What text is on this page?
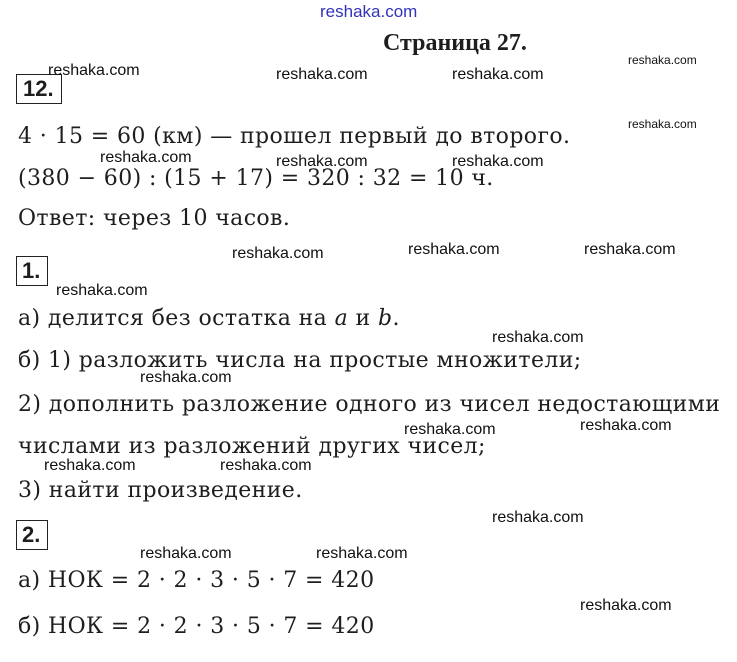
reshaka.com
Страница 27.
12.
4 · 15 = 60 (км) — прошел первый до второго.
(380 − 60) : (15 + 17) = 320 : 32 = 10 ч.
Ответ: через 10 часов.
1.
а) делится без остатка на a и b.
б) 1) разложить числа на простые множители;
2) дополнить разложение одного из чисел недостающими
числами из разложений других чисел;
3) найти произведение.
2.
а) НОК = 2 · 2 · 3 · 5 · 7 = 420
б) НОК = 2 · 2 · 3 · 5 · 7 = 420
reshaka.com	reshaka.com	reshaka.com
reshaka.com
reshaka.com
reshaka.com	reshaka.com	reshaka.com
reshaka.com	reshaka.com	reshaka.com
reshaka.com
reshaka.com
reshaka.com
reshaka.com	reshaka.com
reshaka.com	reshaka.com
reshaka.com
reshaka.com	reshaka.com
reshaka.com
